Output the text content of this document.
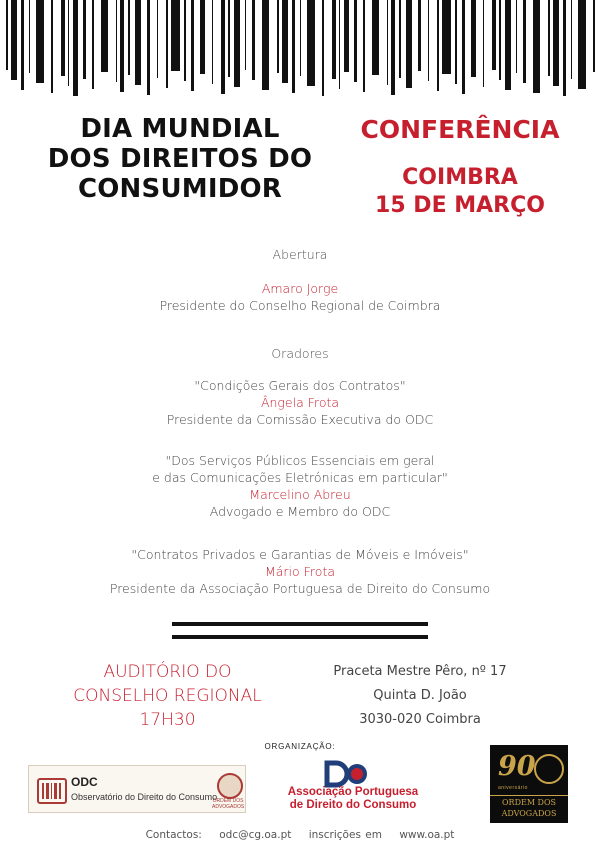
DIA MUNDIAL
DOS DIREITOS DO
CONSUMIDOR
CONFERÊNCIA
COIMBRA
15 DE MARÇO
Abertura
Amaro Jorge
Presidente do Conselho Regional de Coimbra
Oradores
"Condições Gerais dos Contratos"
Ângela Frota
Presidente da Comissão Executiva do ODC
"Dos Serviços Públicos Essenciais em geral
e das Comunicações Eletrónicas em particular"
Marcelino Abreu
Advogado e Membro do ODC
"Contratos Privados e Garantias de Móveis e Imóveis"
Mário Frota
Presidente da Associação Portuguesa de Direito do Consumo
AUDITÓRIO DO
CONSELHO REGIONAL
17H30
Praceta Mestre Pêro, nº 17
Quinta D. João
3030-020 Coimbra
ORGANIZAÇÃO:
ODC
Observatório do Direito do Consumo
ORDEM DOS ADVOGADOS
Associação Portuguesa
de Direito do Consumo
90
aniversário
ORDEM DOS
ADVOGADOS
Contactos: odc@cg.oa.pt inscrições em www.oa.pt
